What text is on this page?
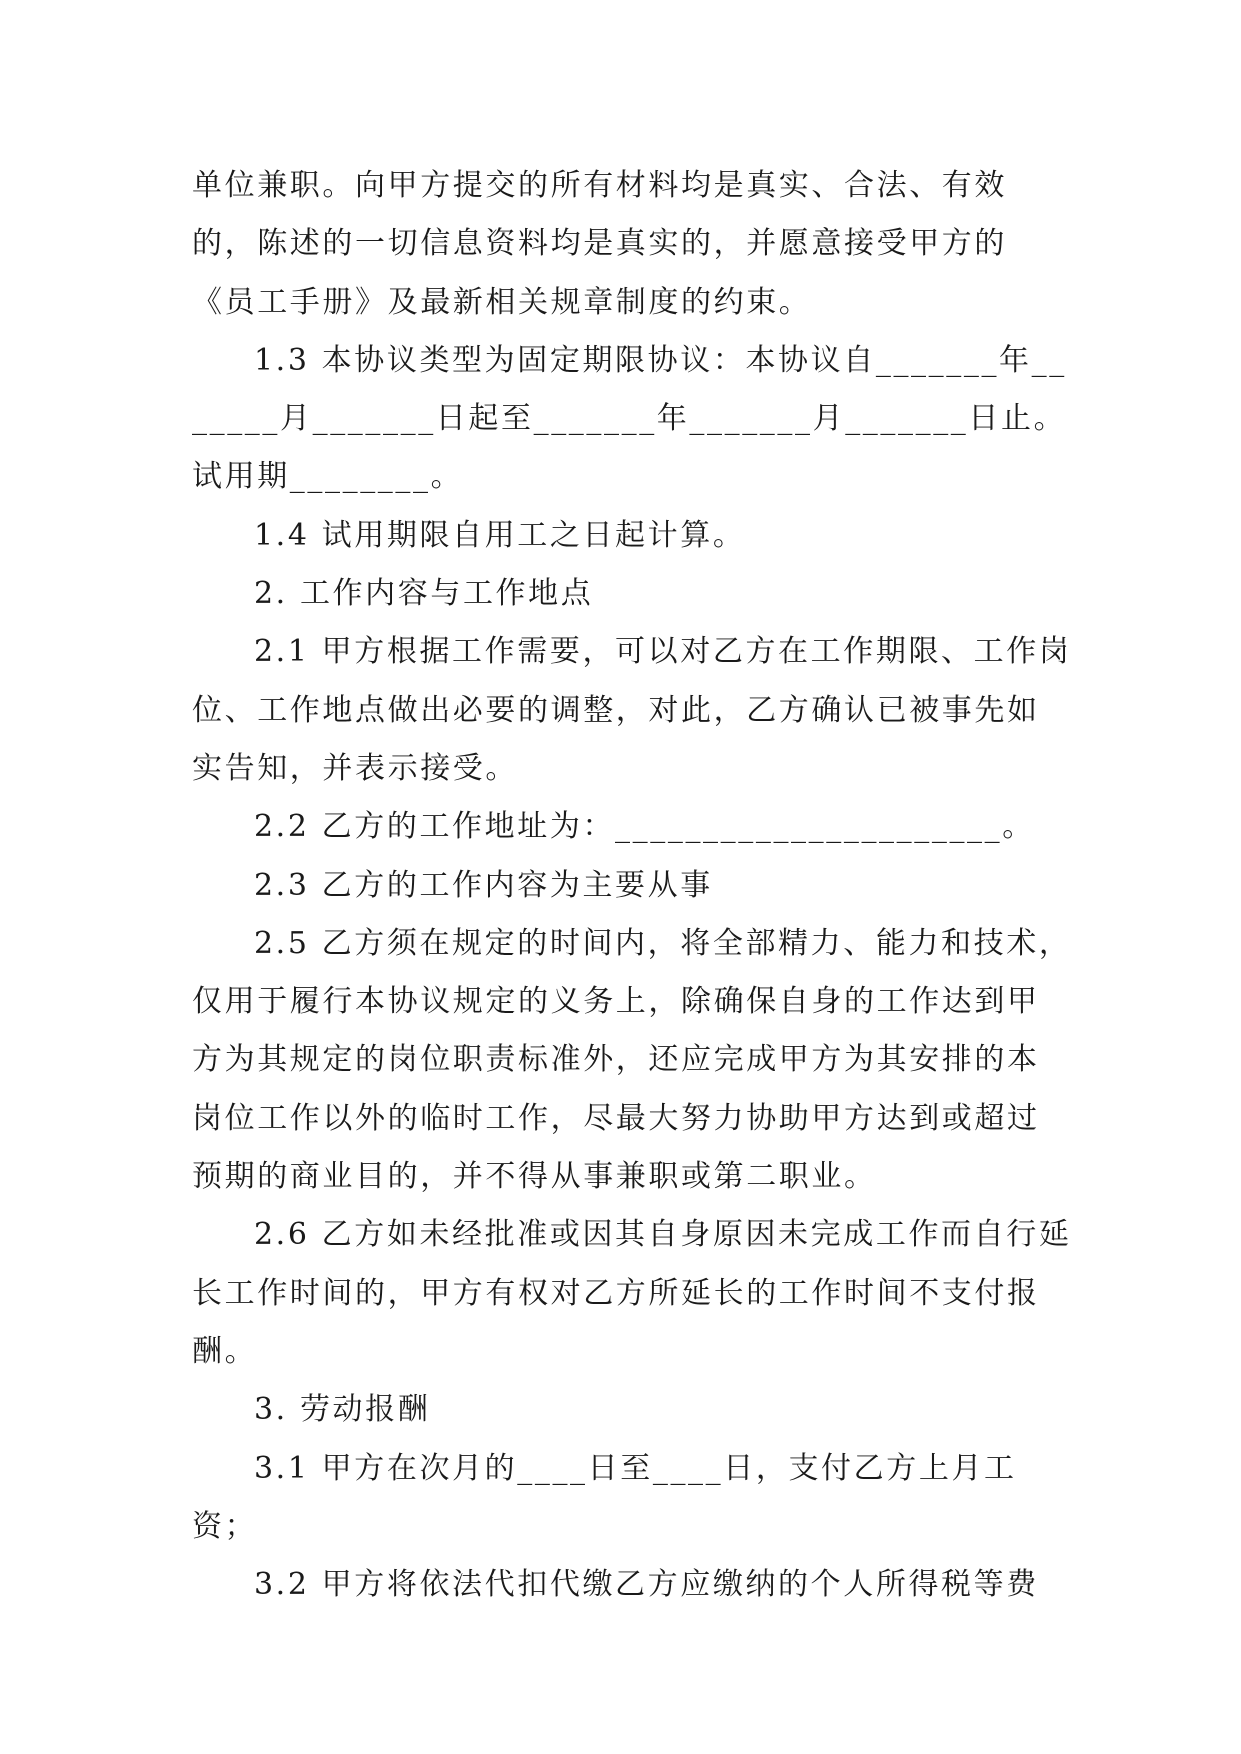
单位兼职。向甲方提交的所有材料均是真实、合法、有效的，陈述的一切信息资料均是真实的，并愿意接受甲方的《员工手册》及最新相关规章制度的约束。

1.3 本协议类型为固定期限协议：本协议自_______年_______月_______日起至_______年_______月_______日止。试用期________。

1.4 试用期限自用工之日起计算。

2. 工作内容与工作地点

2.1 甲方根据工作需要，可以对乙方在工作期限、工作岗位、工作地点做出必要的调整，对此，乙方确认已被事先如实告知，并表示接受。

2.2 乙方的工作地址为：______________________。

2.3 乙方的工作内容为主要从事

2.5 乙方须在规定的时间内，将全部精力、能力和技术，仅用于履行本协议规定的义务上，除确保自身的工作达到甲方为其规定的岗位职责标准外，还应完成甲方为其安排的本岗位工作以外的临时工作，尽最大努力协助甲方达到或超过预期的商业目的，并不得从事兼职或第二职业。

2.6 乙方如未经批准或因其自身原因未完成工作而自行延长工作时间的，甲方有权对乙方所延长的工作时间不支付报酬。

3. 劳动报酬

3.1 甲方在次月的____日至____日，支付乙方上月工资；

3.2 甲方将依法代扣代缴乙方应缴纳的个人所得税等费
